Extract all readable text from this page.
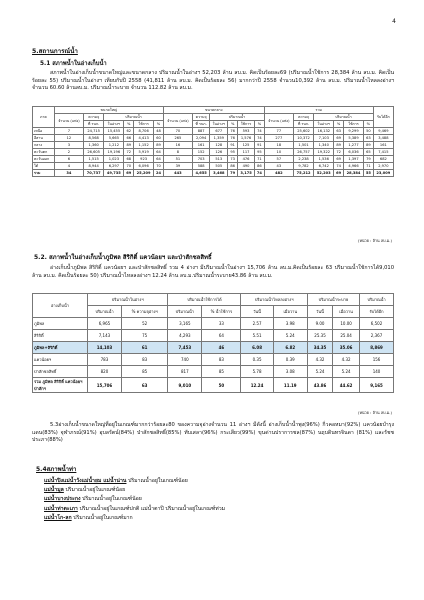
4
5.สถานการณ์น้ำ
5.1 สภาพน้ำในอ่างเก็บน้ำ
สภาพน้ำในอ่างเก็บน้ำขนาดใหญ่และขนาดกลาง ปริมาณน้ำในอ่างฯ 52,203 ล้าน ลบ.ม. คิดเป็นร้อยละ69 (ปริมาณน้ำใช้การ 28,384 ล้าน ลบ.ม. คิดเป็นร้อยละ 55) ปริมาณน้ำในอ่างฯ เทียบกับปี 2558 (41,811 ล้าน ลบ.ม. คิดเป็นร้อยละ 56) มากกว่าปี 2558 จำนวน10,392 ล้าน ลบ.ม. ปริมาณน้ำไหลลงอ่างฯ จำนวน 60.60 ล้านลบ.ม. ปริมาณน้ำระบาย จำนวน 112.82 ล้าน ลบ.ม.
ภาค	ขนาดใหญ่						ขนาดกลาง						รวม						รับได้อีก
	จำนวน (แห่ง)	ความจุ	ปริมาณน้ำ				จำนวน (แห่ง)	ความจุ	ปริมาณน้ำ				จำนวน (แห่ง)	ความจุ	ปริมาณน้ำ				
		ที่ รนก.	ในอ่างฯ	%	ใช้การ	%		ที่ รนก.	ในอ่างฯ	%	ใช้การ	%		ที่ รนก.	ในอ่างฯ	%	ใช้การ	%	
เหนือ	7	24,715	15,455	62	8,706	48	70	887	677	76	593	74	77	25,602	16,132	63	9,299	50	9,469
อีสาน	12	8,568	5,665	66	4,413	60	265	2,094	1,359	76	1,576	74	277	10,372	7,103	69	5,389	63	3,488
กลาง	3	1,360	1,212	89	1,152	89	16	161	128	91	125	91	18	1,501	1,340	89	1,277	89	161
ตะวันตก	2	26,605	19,196	72	5,919	64	8	152	126	95	117	95	10	26,757	19,322	72	6,036	65	7,415
ตะวันออก	6	1,515	1,023	68	923	64	51	703	513	73	476	71	57	2,238	1,536	69	1,397	79	682
ใต้	4	8,944	6,297	70	6,096	70	39	588	505	86	490	86	43	9,782	6,742	74	4,966	71	2,970
รวม	34	70,737	49,735	69	25,209	24	443	4,655	3,468	79	3,175	74	482	75,212	52,203	69	28,384	55	23,009
(หน่วย : ล้าน ลบ.ม.)
5.2. สภาพน้ำในอ่างเก็บน้ำภูมิพล สิริกิติ์ แควน้อยฯ และป่าสักชลสิทธิ์
อ่างเก็บน้ำภูมิพล สิริกิติ์ แควน้อยฯ และป่าสักชลสิทธิ์ รวม 4 อ่างฯ มีปริมาณน้ำในอ่างฯ 15,706 ล้าน ลบ.ม.คิดเป็นร้อยละ 63 ปริมาณน้ำใช้การได้9,010 ล้าน ลบ.ม. คิดเป็นร้อยละ 50) ปริมาณน้ำไหลลงอ่างฯ 12.24 ล้าน ลบ.ม.ปริมาณน้ำระบาย43.86 ล้าน ลบ.ม.
อ่างเก็บน้ำ	ปริมาณน้ำในอ่างฯ		ปริมาณน้ำใช้การได้		ปริมาณน้ำไหลลงอ่างฯ		ปริมาณน้ำระบาย		ปริมาณน้ำ
	ปริมาณน้ำ	% ความจุอ่างฯ	ปริมาณน้ำ	% น้ำใช้การ	วันนี้	เมื่อวาน	วันนี้	เมื่อวาน	รับได้อีก
ภูมิพล	6,965	52	3,165	33	2.57	3.98	9.00	10.00	6,502
สิริกิติ์	7,143	75	4,293	64	5.51	5.24	25.35	25.04	2,367
ภูมิพล+สิริกิติ์	14,103	61	7,453	46	6.08	6.82	34.35	35.06	8,869
แควน้อยฯ	783	83	740	83	0.35	0.39	4.32	4.32	156
ป่าสักชลสิทธิ์	820	85	817	85	5.78	3.08	5.24	5.24	140
รวม ภูมิพล สิริกิติ์ แควน้อยฯ ป่าสักฯ	15,706	63	9,010	50	12.24	11.19	43.86	44.62	9,165
(หน่วย : ล้าน ลบ.ม.)
5.3อ่างเก็บน้ำขนาดใหญ่ที่อยู่ในเกณฑ์มากกว่าร้อยละ80 ของความจุอ่างจำนวน 11 อ่างฯ มีดังนี้ อ่างเก็บน้ำน้ำพุง(96%) กิ่วคอหมา(92%) แควน้อยบำรุงแดน(83%) จุฬาภรณ์(91%) อุบลรัตน์(84%) ป่าสักชลสิทธิ์(85%) ทับเสลา(96%) กระเสียว(99%) ขุนด่านปราการชล(87%) นฤบดินทรจินดา (81%) และรัชชประภา(88%)
5.4สภาพน้ำท่า
แม่น้ำปิงแม่น้ำวังแม่น้ำยม แม่น้ำน่าน ปริมาณน้ำอยู่ในเกณฑ์น้อย
แม่น้ำมูล ปริมาณน้ำอยู่ในเกณฑ์น้อย
แม่น้ำบางประกง ปริมาณน้ำอยู่ในเกณฑ์น้อย
แม่น้ำท่าตะเภา ปริมาณน้ำอยู่ในเกณฑ์ปกติ แม่น้ำตาปี ปริมาณน้ำอยู่ในเกณฑ์ท่วม
แม่น้ำโก-ลก ปริมาณน้ำอยู่ในเกณฑ์มาก
